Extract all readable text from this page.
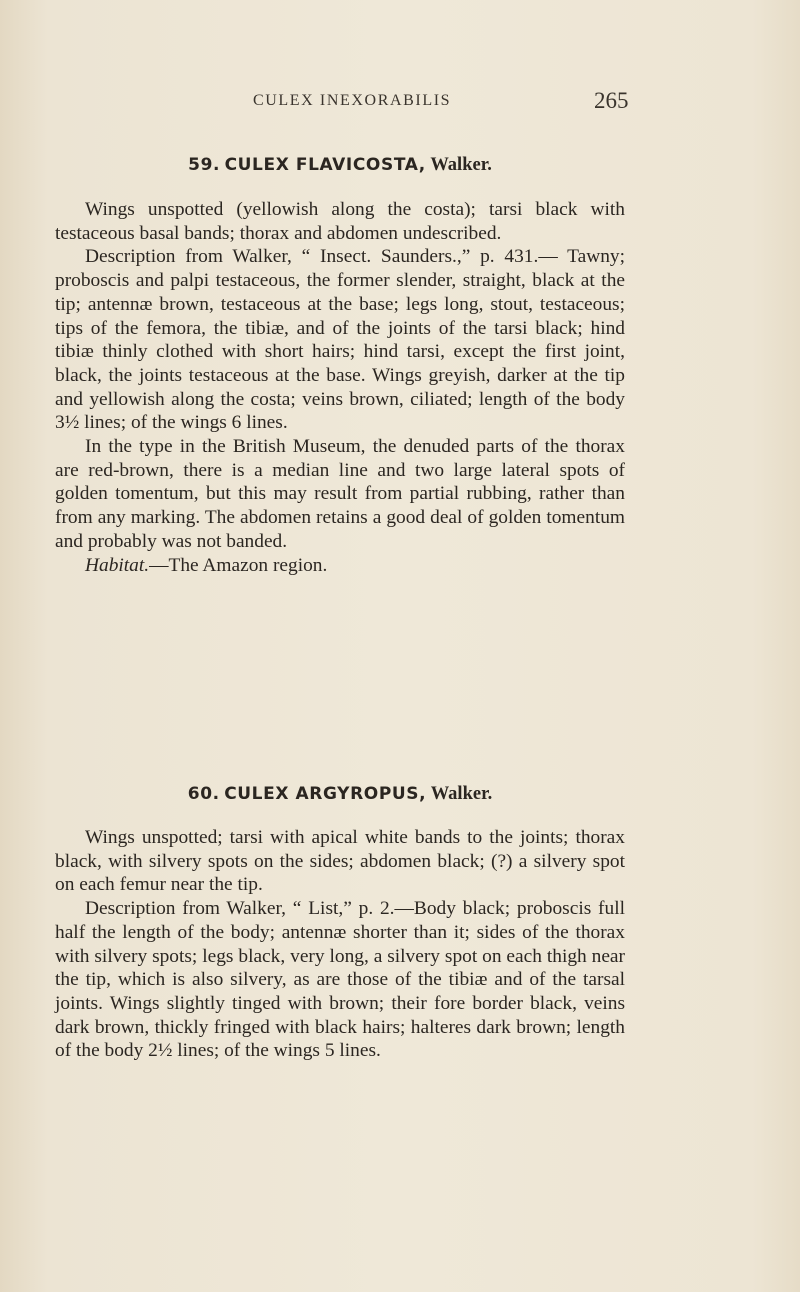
CULEX INEXORABILIS	265
59. CULEX FLAVICOSTA, Walker.

Wings unspotted (yellowish along the costa); tarsi black with testaceous basal bands; thorax and abdomen undescribed.

Description from Walker, “ Insect. Saunders.,” p. 431.— Tawny; proboscis and palpi testaceous, the former slender, straight, black at the tip; antennæ brown, testaceous at the base; legs long, stout, testaceous; tips of the femora, the tibiæ, and of the joints of the tarsi black; hind tibiæ thinly clothed with short hairs; hind tarsi, except the first joint, black, the joints testaceous at the base. Wings greyish, darker at the tip and yellowish along the costa; veins brown, ciliated; length of the body 3½ lines; of the wings 6 lines.

In the type in the British Museum, the denuded parts of the thorax are red-brown, there is a median line and two large lateral spots of golden tomentum, but this may result from partial rubbing, rather than from any marking. The abdomen retains a good deal of golden tomentum and probably was not banded.

Habitat.—The Amazon region.

60. CULEX ARGYROPUS, Walker.

Wings unspotted; tarsi with apical white bands to the joints; thorax black, with silvery spots on the sides; abdomen black; (?) a silvery spot on each femur near the tip.

Description from Walker, “ List,” p. 2.—Body black; proboscis full half the length of the body; antennæ shorter than it; sides of the thorax with silvery spots; legs black, very long, a silvery spot on each thigh near the tip, which is also silvery, as are those of the tibiæ and of the tarsal joints. Wings slightly tinged with brown; their fore border black, veins dark brown, thickly fringed with black hairs; halteres dark brown; length of the body 2½ lines; of the wings 5 lines.
